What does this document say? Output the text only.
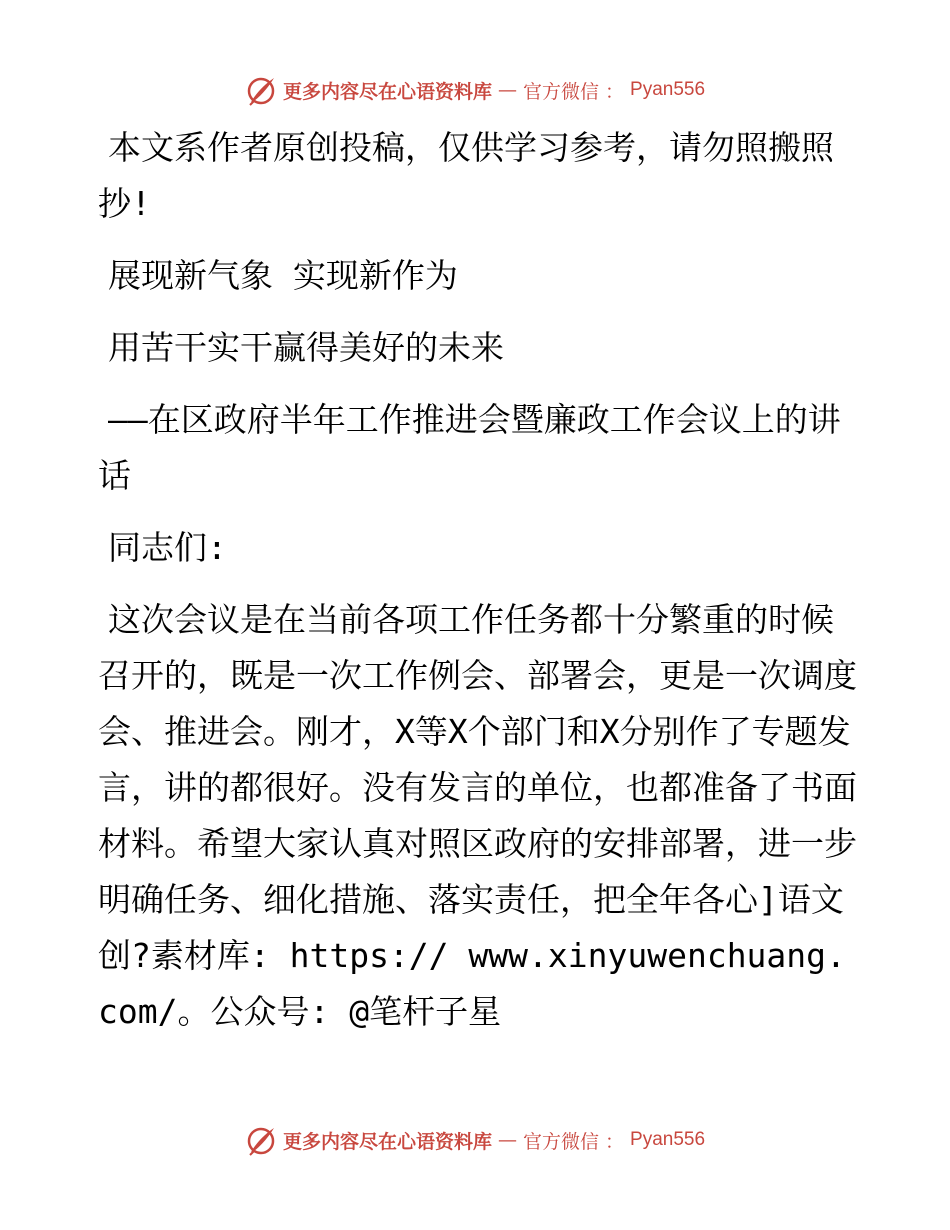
更多内容尽在心语资料库 — 官方微信 ： Pyan556

本文系作者原创投稿，仅供学习参考，请勿照搬照抄!

展现新气象 实现新作为

用苦干实干赢得美好的未来

——在区政府半年工作推进会暨廉政工作会议上的讲话

同志们:

这次会议是在当前各项工作任务都十分繁重的时候召开的，既是一次工作例会、部署会，更是一次调度会、推进会。刚才，X等X个部门和X分别作了专题发言，讲的都很好。没有发言的单位，也都准备了书面材料。希望大家认真对照区政府的安排部署，进一步明确任务、细化措施、落实责任，把全年各心]语文创?素材库: https:// www.xinyuwenchuang.com/。公众号: @笔杆子星

更多内容尽在心语资料库 — 官方微信 ： Pyan556
